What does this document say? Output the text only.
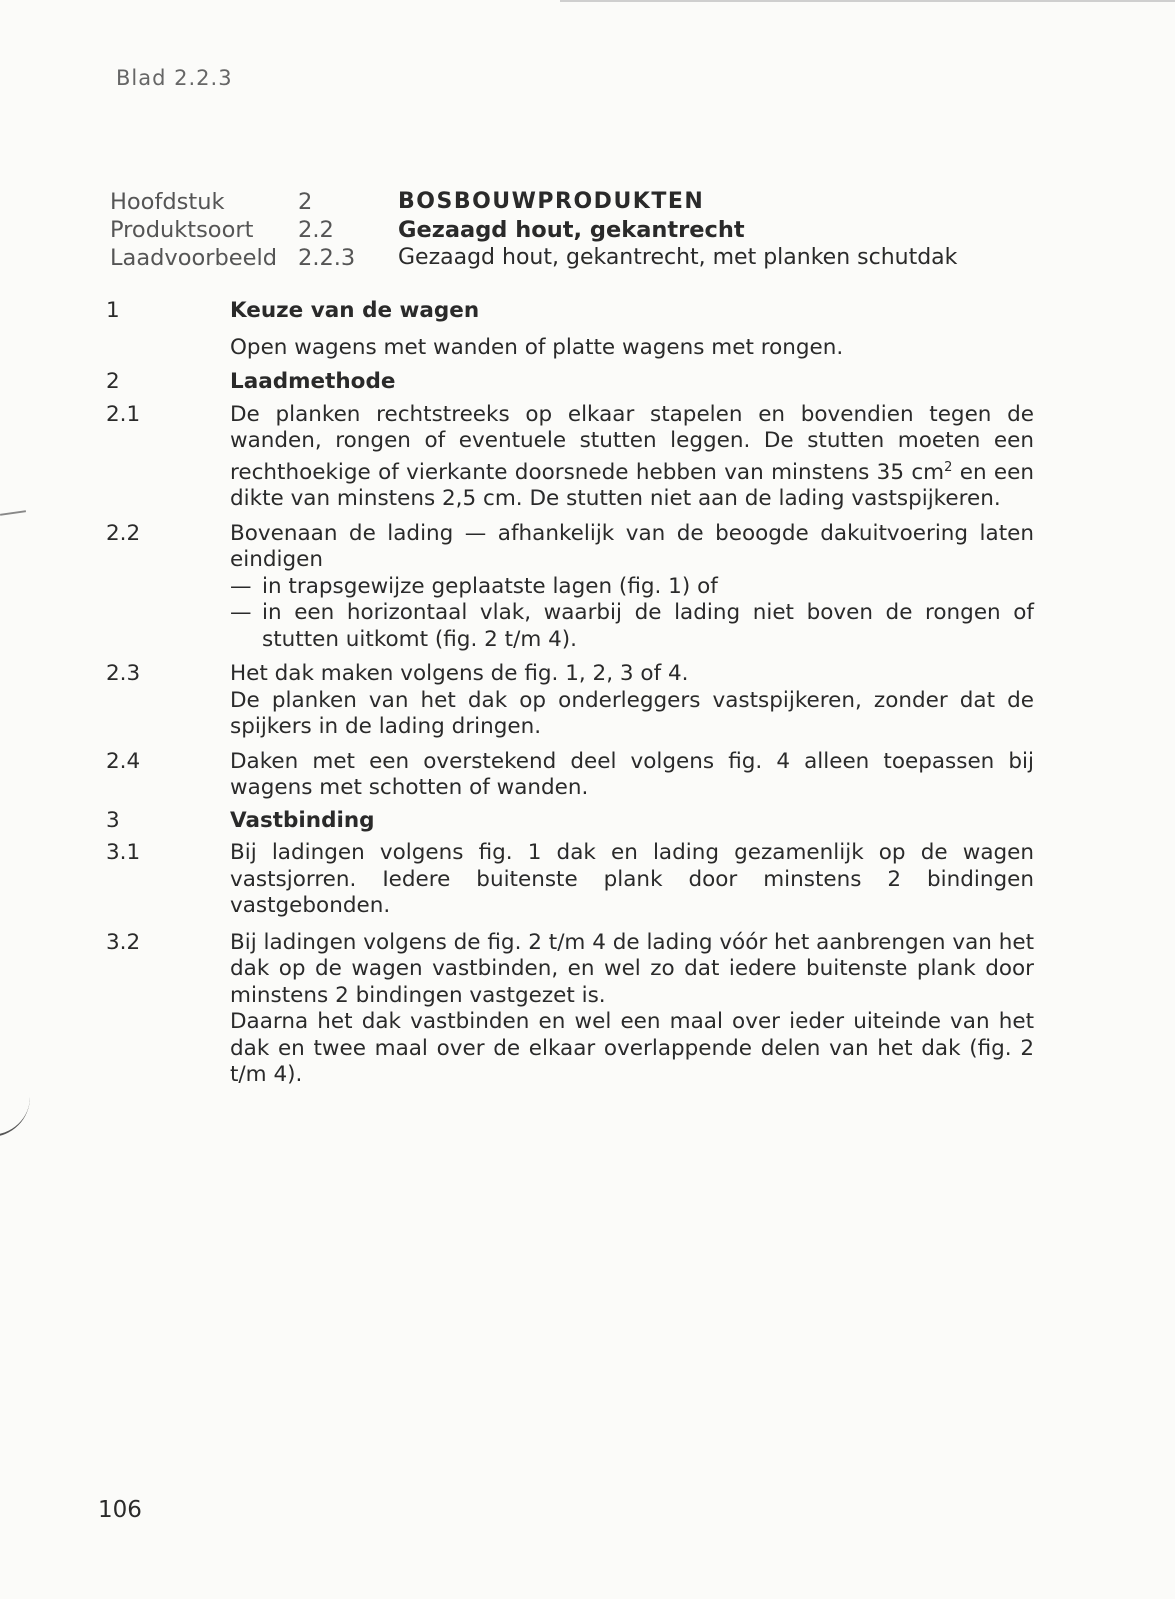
Blad 2.2.3
Hoofdstuk	2	BOSBOUWPRODUKTEN
Produktsoort	2.2	Gezaagd hout, gekantrecht
Laadvoorbeeld 2.2.3	Gezaagd hout, gekantrecht, met planken schutdak
1	Keuze van de wagen

Open wagens met wanden of platte wagens met rongen.

2	Laadmethode

2.1	De planken rechtstreeks op elkaar stapelen en bovendien tegen de wanden, rongen of eventuele stutten leggen. De stutten moeten een rechthoekige of vierkante doorsnede hebben van minstens 35 $cm^2$ en een dikte van minstens 2,5 cm. De stutten niet aan de lading vastspijkeren.

2.2	Bovenaan de lading — afhankelijk van de beoogde dakuitvoering laten eindigen

— in trapsgewijze geplaatste lagen (fig. 1) of
— in een horizontaal vlak, waarbij de lading niet boven de rongen of stutten uitkomt (fig. 2 t/m 4).
2.3	Het dak maken volgens de fig. 1, 2, 3 of 4.

De planken van het dak op onderleggers vastspijkeren, zonder dat de spijkers in de lading dringen.

2.4	Daken met een overstekend deel volgens fig. 4 alleen toepassen bij wagens met schotten of wanden.

3	Vastbinding

3.1	Bij ladingen volgens fig. 1 dak en lading gezamenlijk op de wagen vastsjorren. Iedere buitenste plank door minstens 2 bindingen vastgebonden.

3.2	Bij ladingen volgens de fig. 2 t/m 4 de lading vóór het aanbrengen van het dak op de wagen vastbinden, en wel zo dat iedere buitenste plank door minstens 2 bindingen vastgezet is.

Daarna het dak vastbinden en wel een maal over ieder uiteinde van het dak en twee maal over de elkaar overlappende delen van het dak (fig. 2 t/m 4).

106
